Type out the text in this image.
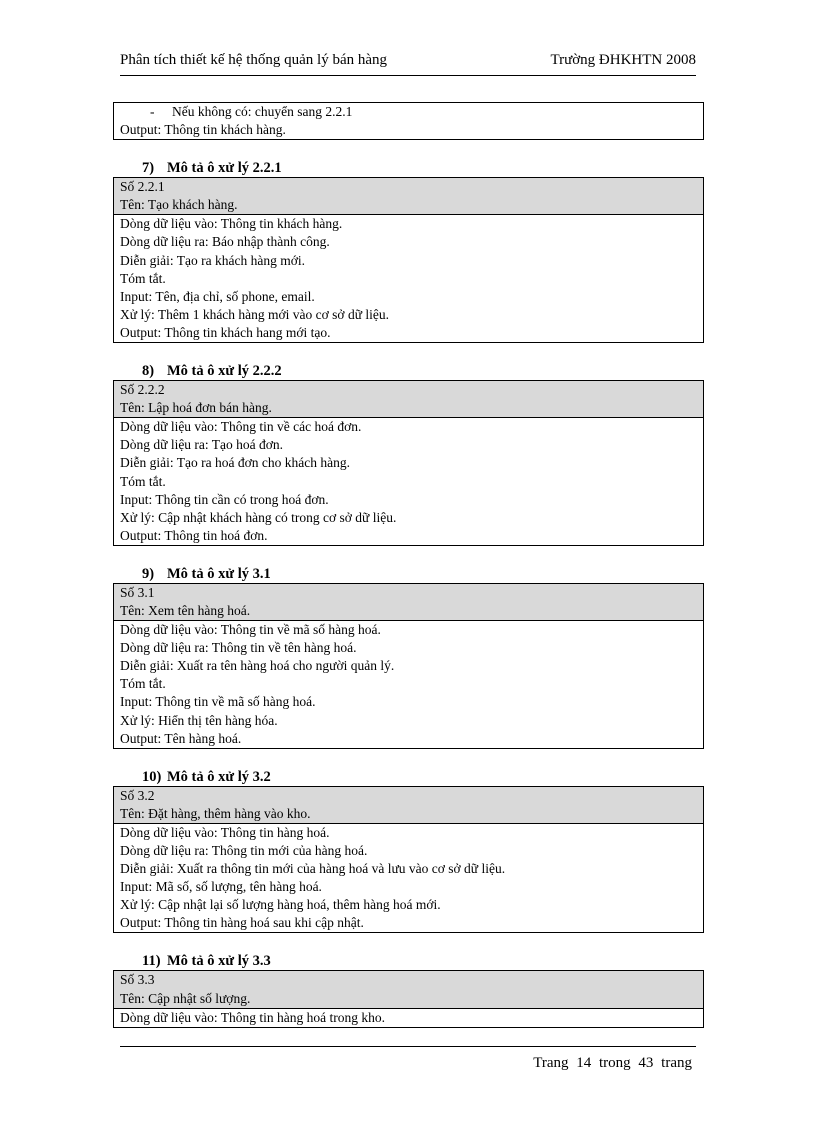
Phân tích thiết kế hệ thống quản lý bán hàng	Trường ĐHKHTN 2008
- Nếu không có: chuyển sang 2.2.1
Output: Thông tin khách hàng.
7) Mô tả ô xử lý 2.2.1
Số 2.2.1
Tên: Tạo khách hàng.
Dòng dữ liệu vào: Thông tin khách hàng.
Dòng dữ liệu ra: Báo nhập thành công.
Diễn giải: Tạo ra khách hàng mới.
Tóm tắt.
Input: Tên, địa chỉ, số phone, email.
Xử lý: Thêm 1 khách hàng mới vào cơ sở dữ liệu.
Output: Thông tin khách hang mới tạo.
8) Mô tả ô xử lý 2.2.2
Số 2.2.2
Tên: Lập hoá đơn bán hàng.
Dòng dữ liệu vào: Thông tin về các hoá đơn.
Dòng dữ liệu ra: Tạo hoá đơn.
Diễn giải: Tạo ra hoá đơn cho khách hàng.
Tóm tắt.
Input: Thông tin cần có trong hoá đơn.
Xử lý: Cập nhật khách hàng có trong cơ sở dữ liệu.
Output: Thông tin hoá đơn.
9) Mô tả ô xử lý 3.1
Số 3.1
Tên: Xem tên hàng hoá.
Dòng dữ liệu vào: Thông tin về mã số hàng hoá.
Dòng dữ liệu ra: Thông tin về tên hàng hoá.
Diễn giải: Xuất ra tên hàng hoá cho người quản lý.
Tóm tắt.
Input: Thông tin về mã số hàng hoá.
Xử lý: Hiển thị tên hàng hóa.
Output: Tên hàng hoá.
10) Mô tả ô xử lý 3.2
Số 3.2
Tên: Đặt hàng, thêm hàng vào kho.
Dòng dữ liệu vào: Thông tin hàng hoá.
Dòng dữ liệu ra: Thông tin mới của hàng hoá.
Diễn giải: Xuất ra thông tin mới của hàng hoá và lưu vào cơ sở dữ liệu.
Input: Mã số, số lượng, tên hàng hoá.
Xử lý: Cập nhật lại số lượng hàng hoá, thêm hàng hoá mới.
Output: Thông tin hàng hoá sau khi cập nhật.
11) Mô tả ô xử lý 3.3
Số 3.3
Tên: Cập nhật số lượng.
Dòng dữ liệu vào: Thông tin hàng hoá trong kho.
Trang 14 trong 43 trang
